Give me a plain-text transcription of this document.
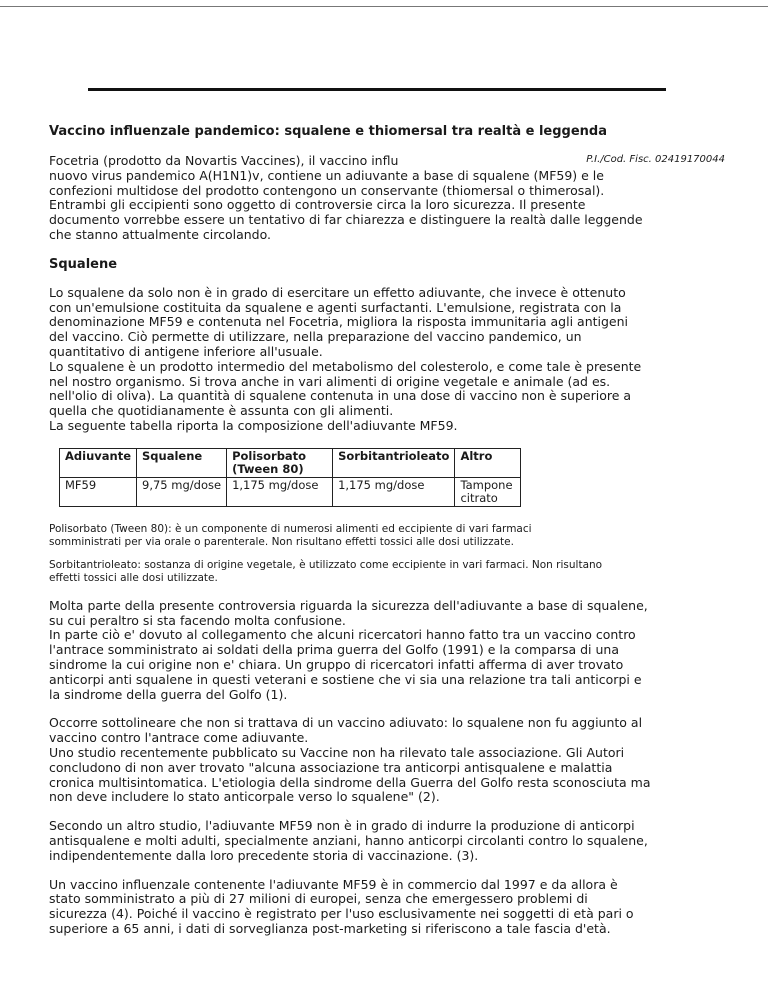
Vaccino influenzale pandemico: squalene e thiomersal tra realtà e leggenda

P.I./Cod. Fisc. 02419170044

Focetria (prodotto da Novartis Vaccines), il vaccino influ

nuovo virus pandemico A(H1N1)v, contiene un adiuvante a base di squalene (MF59) e le

confezioni multidose del prodotto contengono un conservante (thiomersal o thimerosal).

Entrambi gli eccipienti sono oggetto di controversie circa la loro sicurezza. Il presente

documento vorrebbe essere un tentativo di far chiarezza e distinguere la realtà dalle leggende

che stanno attualmente circolando.

Squalene

Lo squalene da solo non è in grado di esercitare un effetto adiuvante, che invece è ottenuto

con un'emulsione costituita da squalene e agenti surfactanti. L'emulsione, registrata con la

denominazione MF59 e contenuta nel Focetria, migliora la risposta immunitaria agli antigeni

del vaccino. Ciò permette di utilizzare, nella preparazione del vaccino pandemico, un

quantitativo di antigene inferiore all'usuale.

Lo squalene è un prodotto intermedio del metabolismo del colesterolo, e come tale è presente

nel nostro organismo. Si trova anche in vari alimenti di origine vegetale e animale (ad es.

nell'olio di oliva). La quantità di squalene contenuta in una dose di vaccino non è superiore a

quella che quotidianamente è assunta con gli alimenti.

La seguente tabella riporta la composizione dell'adiuvante MF59.

Adiuvante	Squalene	Polisorbato (Tween 80)	Sorbitantrioleato	Altro
MF59	9,75 mg/dose	1,175 mg/dose	1,175 mg/dose	Tampone citrato

Polisorbato (Tween 80): è un componente di numerosi alimenti ed eccipiente di vari farmaci

somministrati per via orale o parenterale. Non risultano effetti tossici alle dosi utilizzate.

Sorbitantrioleato: sostanza di origine vegetale, è utilizzato come eccipiente in vari farmaci. Non risultano

effetti tossici alle dosi utilizzate.

Molta parte della presente controversia riguarda la sicurezza dell'adiuvante a base di squalene,

su cui peraltro si sta facendo molta confusione.

In parte ciò e' dovuto al collegamento che alcuni ricercatori hanno fatto tra un vaccino contro

l'antrace somministrato ai soldati della prima guerra del Golfo (1991) e la comparsa di una

sindrome la cui origine non e' chiara. Un gruppo di ricercatori infatti afferma di aver trovato

anticorpi anti squalene in questi veterani e sostiene che vi sia una relazione tra tali anticorpi e

la sindrome della guerra del Golfo (1).

Occorre sottolineare che non si trattava di un vaccino adiuvato: lo squalene non fu aggiunto al

vaccino contro l'antrace come adiuvante.

Uno studio recentemente pubblicato su Vaccine non ha rilevato tale associazione. Gli Autori

concludono di non aver trovato "alcuna associazione tra anticorpi antisqualene e malattia

cronica multisintomatica. L'etiologia della sindrome della Guerra del Golfo resta sconosciuta ma

non deve includere lo stato anticorpale verso lo squalene" (2).

Secondo un altro studio, l'adiuvante MF59 non è in grado di indurre la produzione di anticorpi

antisqualene e molti adulti, specialmente anziani, hanno anticorpi circolanti contro lo squalene,

indipendentemente dalla loro precedente storia di vaccinazione. (3).

Un vaccino influenzale contenente l'adiuvante MF59 è in commercio dal 1997 e da allora è

stato somministrato a più di 27 milioni di europei, senza che emergessero problemi di

sicurezza (4). Poiché il vaccino è registrato per l'uso esclusivamente nei soggetti di età pari o

superiore a 65 anni, i dati di sorveglianza post-marketing si riferiscono a tale fascia d'età.
